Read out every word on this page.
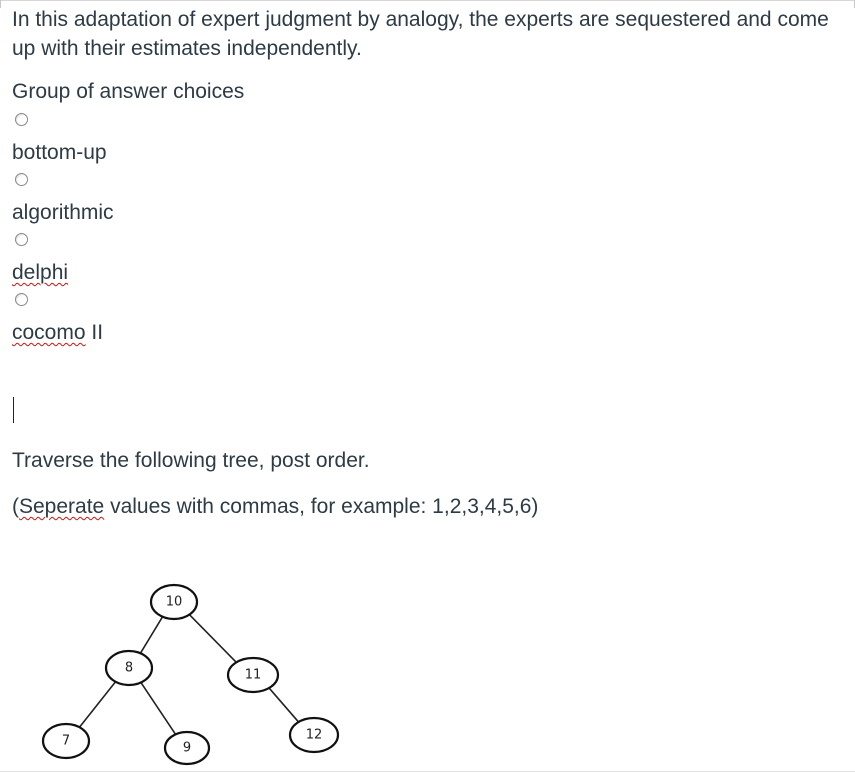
In this adaptation of expert judgment by analogy, the experts are sequestered and come up with their estimates independently.
Group of answer choices
bottom-up
algorithmic
delphi
cocomo II
Traverse the following tree, post order.
(Seperate values with commas, for example: 1,2,3,4,5,6)
10
8	11
7	9
12
